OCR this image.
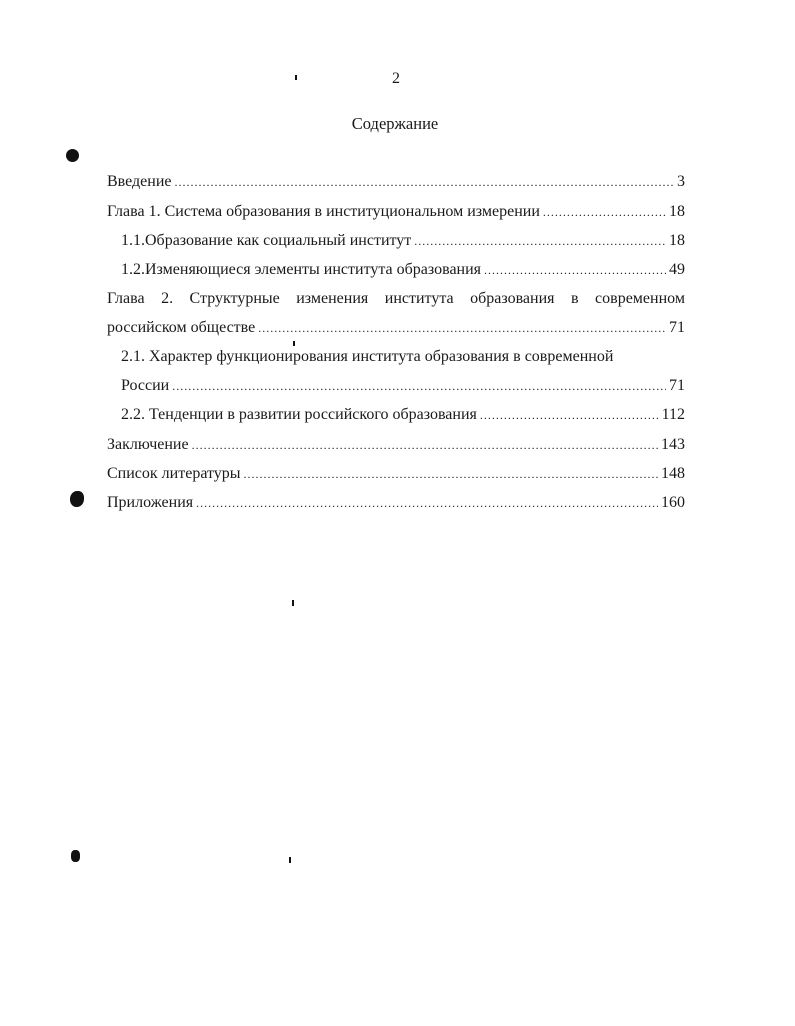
2
Содержание
Введение .....	3
Глава 1. Система образования в институциональном измерении .....	18
1.1.Образование как социальный институт .....	18
1.2.Изменяющиеся элементы института образования .....	49
Глава 2. Структурные изменения института образования в современном
российском обществе .....	71
2.1. Характер функционирования института образования в современной
России .....	71
2.2. Тенденции в развитии российского образования .....	112
Заключение .....	143
Список литературы .....	148
Приложения .....	160
